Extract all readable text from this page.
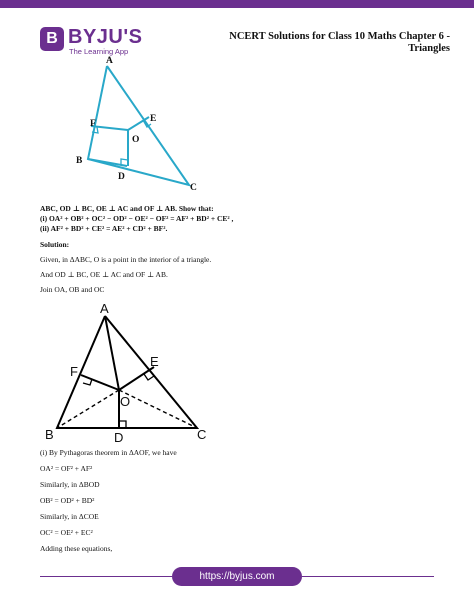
B BYJU'S
The Learning App
NCERT Solutions for Class 10 Maths Chapter 6 -
Triangles
A
B
C
D
E
F
O
ABC, OD ⊥ BC, OE ⊥ AC and OF ⊥ AB. Show that:
(i) OA² + OB² + OC² − OD² − OE² − OF² = AF² + BD² + CE² ,
(ii) AF² + BD² + CE² = AE² + CD² + BF².
Solution:
Given, in ΔABC, O is a point in the interior of a triangle.
And OD ⊥ BC, OE ⊥ AC and OF ⊥ AB.
Join OA, OB and OC
A
B	C
D
E
F
O
(i) By Pythagoras theorem in ΔAOF, we have
OA² = OF² + AF²
Similarly, in ΔBOD
OB² = OD² + BD²
Similarly, in ΔCOE
OC² = OE² + EC²
Adding these equations,
https://byjus.com
